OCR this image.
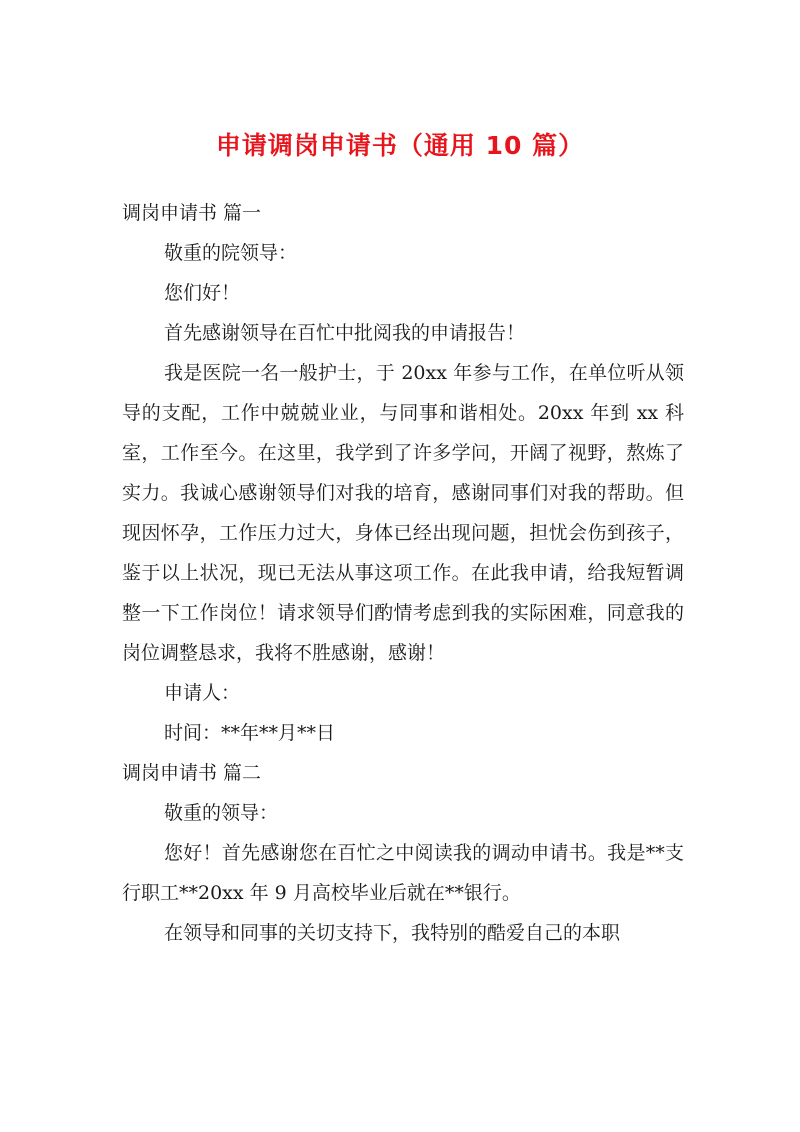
申请调岗申请书（通用 10 篇）

调岗申请书 篇一

敬重的院领导：

您们好！

首先感谢领导在百忙中批阅我的申请报告！

我是医院一名一般护士，于 20xx 年参与工作，在单位听从领导的支配，工作中兢兢业业，与同事和谐相处。20xx 年到 xx 科室，工作至今。在这里，我学到了许多学问，开阔了视野，熬炼了实力。我诚心感谢领导们对我的培育，感谢同事们对我的帮助。但现因怀孕，工作压力过大，身体已经出现问题，担忧会伤到孩子，鉴于以上状况，现已无法从事这项工作。在此我申请，给我短暂调整一下工作岗位！请求领导们酌情考虑到我的实际困难，同意我的岗位调整恳求，我将不胜感谢，感谢！

申请人：

时间：**年**月**日

调岗申请书 篇二

敬重的领导：

您好！首先感谢您在百忙之中阅读我的调动申请书。我是**支行职工**20xx 年 9 月高校毕业后就在**银行。

在领导和同事的关切支持下，我特别的酷爱自己的本职
